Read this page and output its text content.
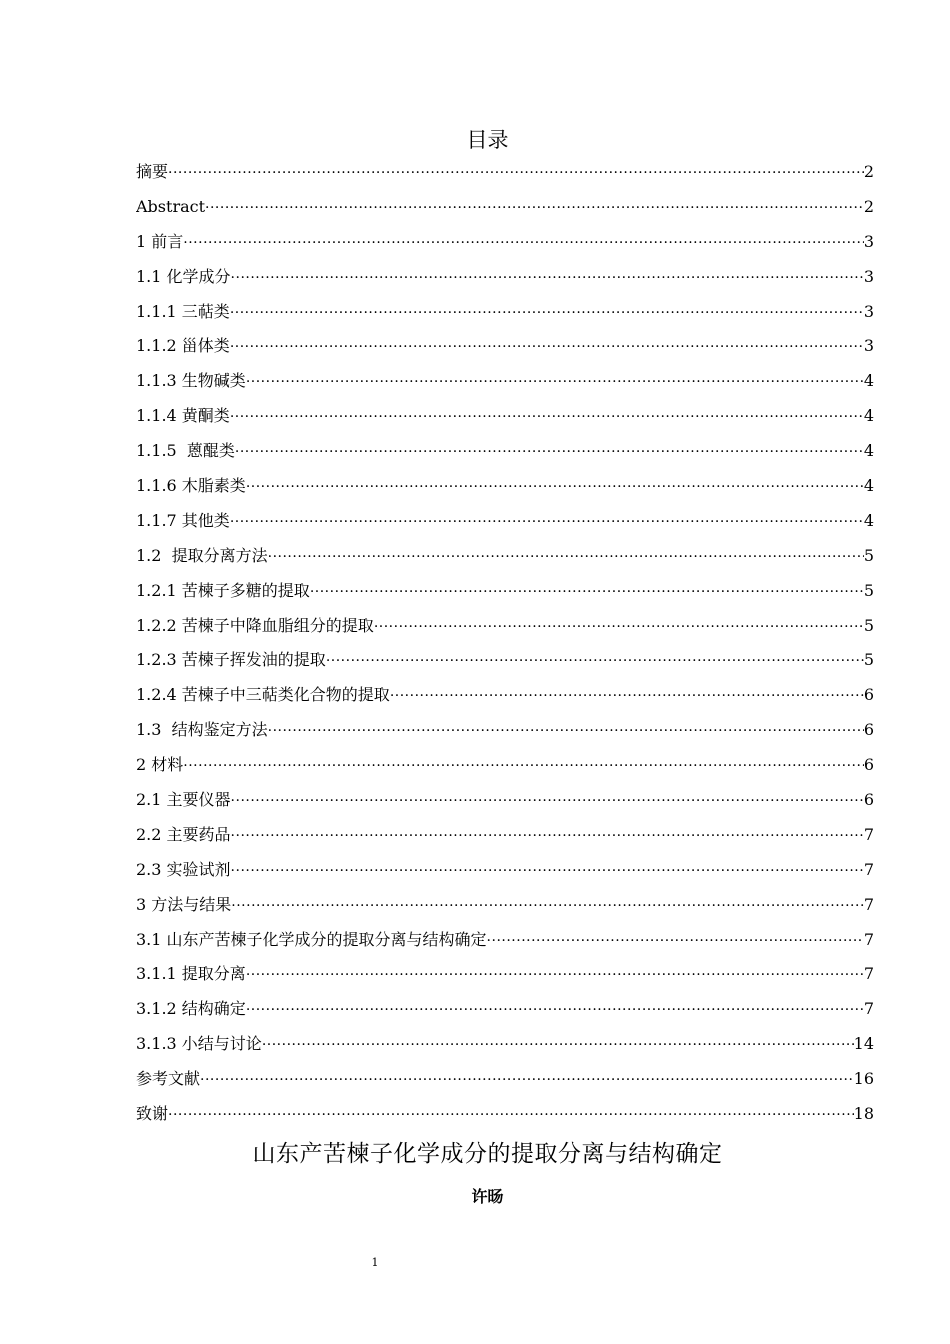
目录
摘要 ·····	2
Abstract ·····	2
1 前言 ·····	3
1.1 化学成分 ·····	3
1.1.1 三萜类 ·····	3
1.1.2 甾体类 ·····	3
1.1.3 生物碱类 ·····	4
1.1.4 黄酮类 ·····	4
1.1.5  蒽醌类 ·····	4
1.1.6 木脂素类 ·····	4
1.1.7 其他类 ·····	4
1.2  提取分离方法 ·····	5
1.2.1 苦楝子多糖的提取 ·····	5
1.2.2 苦楝子中降血脂组分的提取 ·····	5
1.2.3 苦楝子挥发油的提取 ·····	5
1.2.4 苦楝子中三萜类化合物的提取 ·····	6
1.3  结构鉴定方法 ·····	6
2 材料 ·····	6
2.1 主要仪器 ·····	6
2.2 主要药品 ·····	7
2.3 实验试剂 ·····	7
3 方法与结果 ·····	7
3.1 山东产苦楝子化学成分的提取分离与结构确定 ·····	7
3.1.1 提取分离 ·····	7
3.1.2 结构确定 ·····	7
3.1.3 小结与讨论 ·····	14
参考文献 ·····	16
致谢 ·····	18
山东产苦楝子化学成分的提取分离与结构确定
许旸
1
